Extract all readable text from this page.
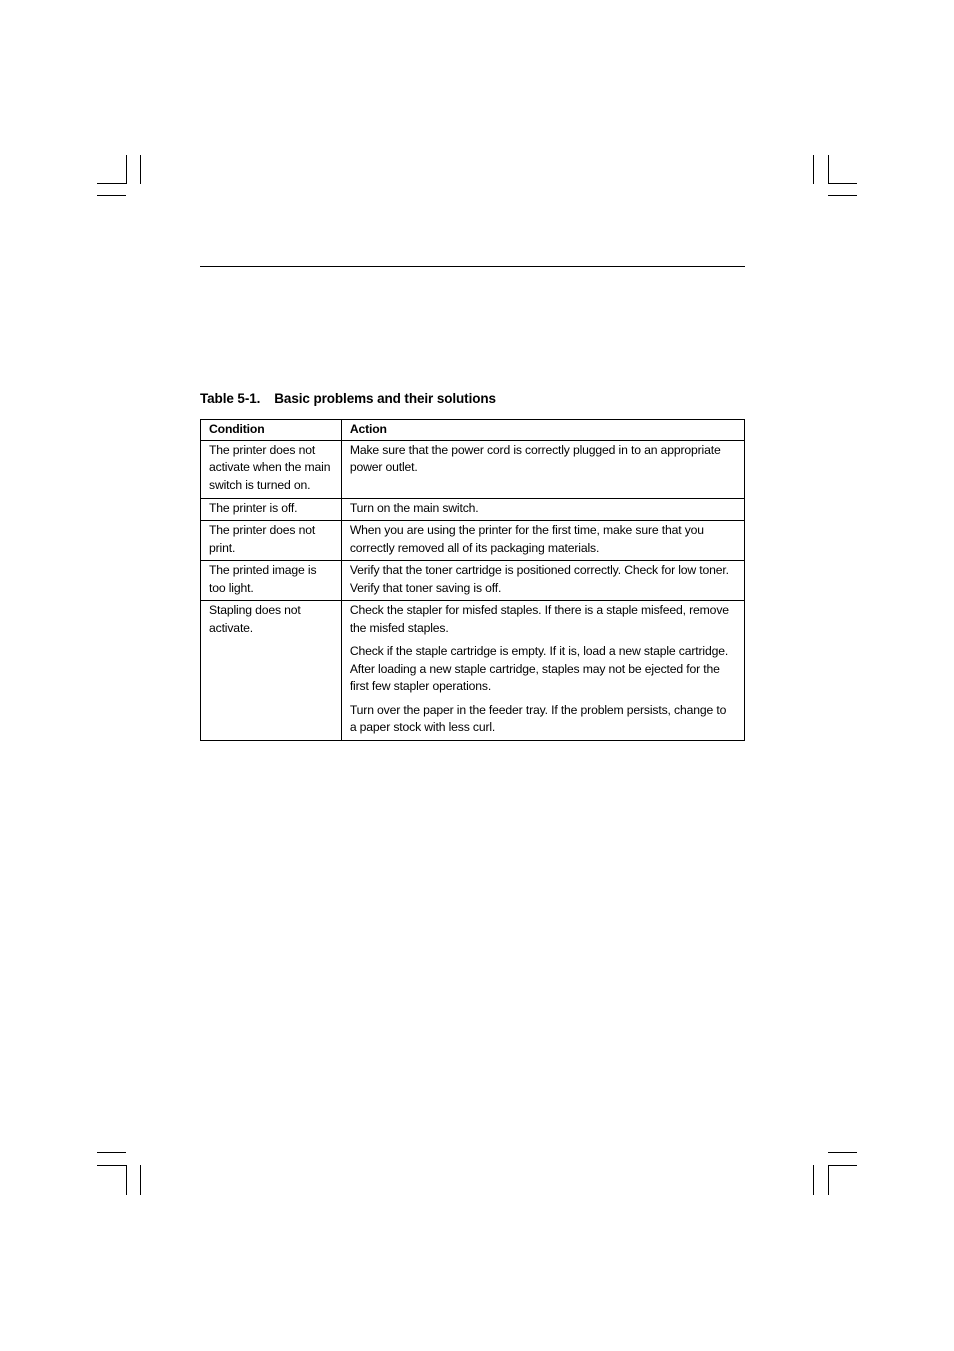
Table 5-1. Basic problems and their solutions
Condition	Action
The printer does not activate when the main switch is turned on.	Make sure that the power cord is correctly plugged in to an appropriate power outlet.

The printer is off.	Turn on the main switch.

The printer does not print.	When you are using the printer for the first time, make sure that you correctly removed all of its packaging materials.

The printed image is too light.	Verify that the toner cartridge is positioned correctly. Check for low toner. Verify that toner saving is off.

Stapling does not activate.	Check the stapler for misfed staples. If there is a staple misfeed, remove the misfed staples.

Check if the staple cartridge is empty. If it is, load a new staple cartridge. After loading a new staple cartridge, staples may not be ejected for the first few stapler operations.

Turn over the paper in the feeder tray. If the problem persists, change to a paper stock with less curl.
